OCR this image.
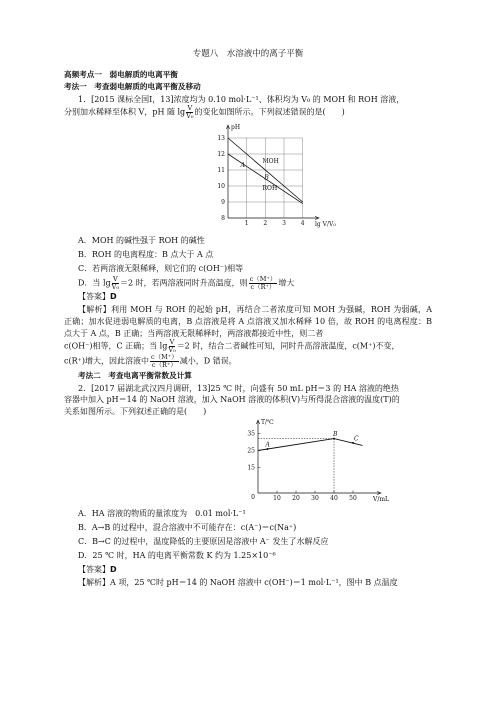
专题八　水溶液中的离子平衡
高频考点一　弱电解质的电离平衡
考法一　考查弱电解质的电离平衡及移动

1．[2015 课标全国Ⅰ，13]浓度均为 0.10 mol·L⁻¹、体积均为 V₀ 的 MOH 和 ROH 溶液，

分别加水稀释至体积 V，pH 随 $\lg \frac{V}{\text{V₀}}$ 的变化如图所示。下列叙述错误的是(　　)

8
9
10
11
12
13
1 2 3 4
pH
lg V/V₀
MOH
ROH
A
B

A．MOH 的碱性强于 ROH 的碱性

B．ROH 的电离程度：B 点大于 A 点

C．若两溶液无限稀释，则它们的 c(OH⁻)相等

D．当 $\lg \frac{V}{\text{V₀}} =2$ 时，若两溶液同时升高温度，则 $\frac{c(M^+)}{c(R^+)}$ 增大

【答案】D

【解析】利用 MOH 与 ROH 的起始 pH，再结合二者浓度可知 MOH 为强碱，ROH 为弱碱，A 正确；加水促进弱电解质的电离，B 点溶液是将 A 点溶液又加水稀释 10 倍，故 ROH 的电离程度：B 点大于 A 点，B 正确；当两溶液无限稀释时，两溶液都接近中性，则二者

c(OH⁻)相等，C 正确；当 $\lg \frac{V}{\text{V₀}} =2$ 时，结合二者碱性可知，同时升高溶液温度，c(M⁺)不变，

c(R⁺)增大，因此溶液中 $\frac{c(M^+)}{c(R^+)}$ 减小，D 错误。

考法二　考查电离平衡常数及计算

2．[2017 届湖北武汉四月调研，13]25 ℃ 时，向盛有 50 mL pH＝3 的 HA 溶液的绝热

容器中加入 pH＝14 的 NaOH 溶液，加入 NaOH 溶液的体积(V)与所得混合溶液的温度(T)的

关系如图所示。下列叙述正确的是(　　)

T/℃
V/mL
0
15
25
35
10 20 30 40 50
A
B
C

A．HA 溶液的物质的量浓度为　0.01 mol·L⁻¹

B．A→B 的过程中，混合溶液中不可能存在：c(A⁻)＝c(Na⁺)

C．B→C 的过程中，温度降低的主要原因是溶液中 A⁻ 发生了水解反应

D．25 ℃ 时，HA 的电离平衡常数 K 约为 1.25×10⁻⁶

【答案】D

【解析】A 项，25 ℃时 pH＝14 的 NaOH 溶液中 c(OH⁻)＝1 mol·L⁻¹，图中 B 点温度
